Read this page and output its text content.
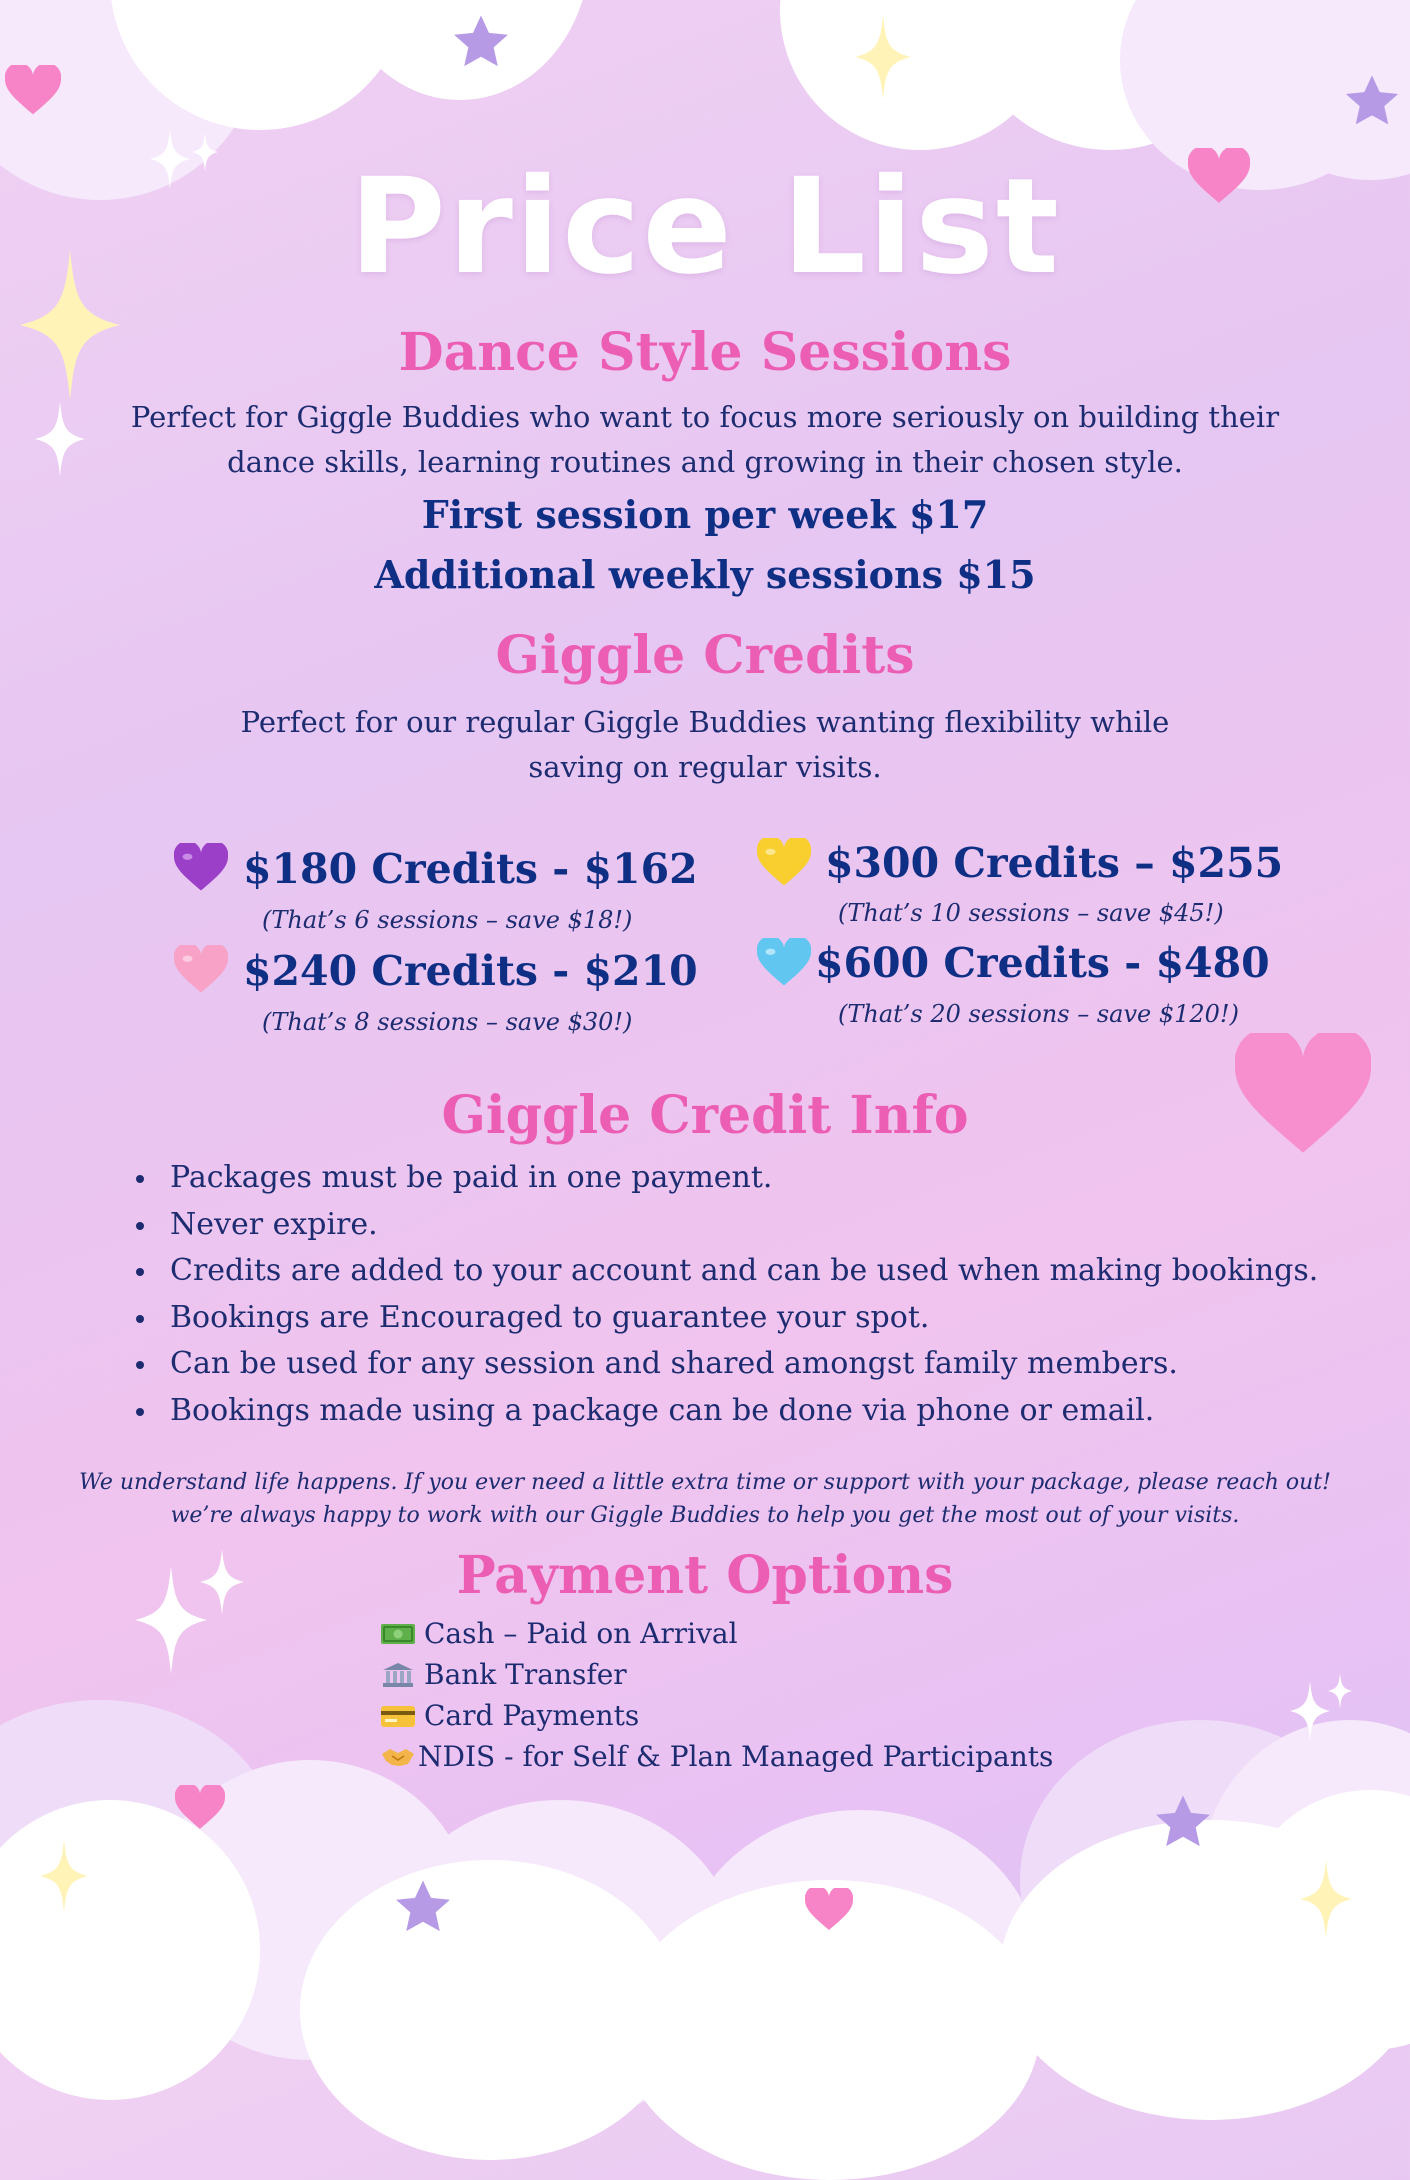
Price List
Dance Style Sessions
Perfect for Giggle Buddies who want to focus more seriously on building their
dance skills, learning routines and growing in their chosen style.
First session per week $17
Additional weekly sessions $15
Giggle Credits
Perfect for our regular Giggle Buddies wanting flexibility while
saving on regular visits.
$180 Credits - $162
(That’s 6 sessions – save $18!)
$240 Credits - $210
(That’s 8 sessions – save $30!)
$300 Credits – $255
(That’s 10 sessions – save $45!)
$600 Credits - $480
(That’s 20 sessions – save $120!)
Giggle Credit Info
Packages must be paid in one payment.
Never expire.
Credits are added to your account and can be used when making bookings.
Bookings are Encouraged to guarantee your spot.
Can be used for any session and shared amongst family members.
Bookings made using a package can be done via phone or email.
We understand life happens. If you ever need a little extra time or support with your package, please reach out!
we’re always happy to work with our Giggle Buddies to help you get the most out of your visits.
Payment Options
Cash – Paid on Arrival
Bank Transfer
Card Payments
NDIS - for Self & Plan Managed Participants
